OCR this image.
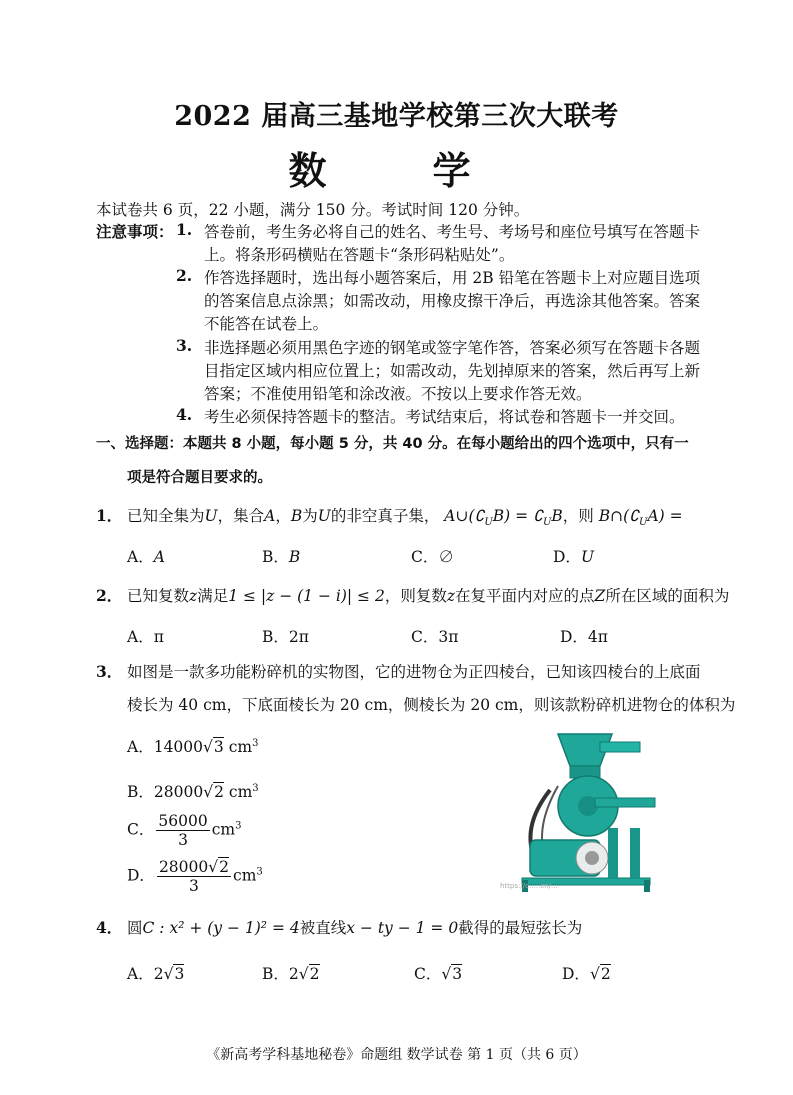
2022 届高三基地学校第三次大联考
数　学
本试卷共 6 页，22 小题，满分 150 分。考试时间 120 分钟。
注意事项： 1. 答卷前，考生务必将自己的姓名、考生号、考场号和座位号填写在答题卡
上。将条形码横贴在答题卡“条形码粘贴处”。
2. 作答选择题时，选出每小题答案后，用 2B 铅笔在答题卡上对应题目选项
的答案信息点涂黑；如需改动，用橡皮擦干净后，再选涂其他答案。答案
不能答在试卷上。
3. 非选择题必须用黑色字迹的钢笔或签字笔作答，答案必须写在答题卡各题
目指定区域内相应位置上；如需改动，先划掉原来的答案，然后再写上新
答案；不准使用铅笔和涂改液。不按以上要求作答无效。
4. 考生必须保持答题卡的整洁。考试结束后，将试卷和答题卡一并交回。
一、选择题：本题共 8 小题，每小题 5 分，共 40 分。在每小题给出的四个选项中，只有一
项是符合题目要求的。
1． 已知全集为U，集合A，B为U的非空真子集， $A\cup(∁_UB)$ = $∁_UB$，则 $B\cap(∁_UA)$ =
A．A	B．B	C．∅	D．U
2． 已知复数z满足1 ≤ |z − (1 − i)| ≤ 2，则复数z在复平面内对应的点Z所在区域的面积为
A．π	B．2π	C．3π	D．4π
3． 如图是一款多功能粉碎机的实物图，它的进物仓为正四棱台，已知该四棱台的上底面
棱长为 40 cm，下底面棱长为 20 cm，侧棱长为 20 cm，则该款粉碎机进物仓的体积为
A．14000√3 $cm^3$
B．28000√2 $cm^3$
C． $\frac{56000}{3} cm^3$
D． $\frac{28000√2}{3} cm^3$
https://c.….cn/...
4． 圆C : x² + (y − 1)² = 4被直线x − ty − 1 = 0截得的最短弦长为
A．2√3	B．2√2	C．√3	D．√2
《新高考学科基地秘卷》命题组 数学试卷 第 1 页（共 6 页）
